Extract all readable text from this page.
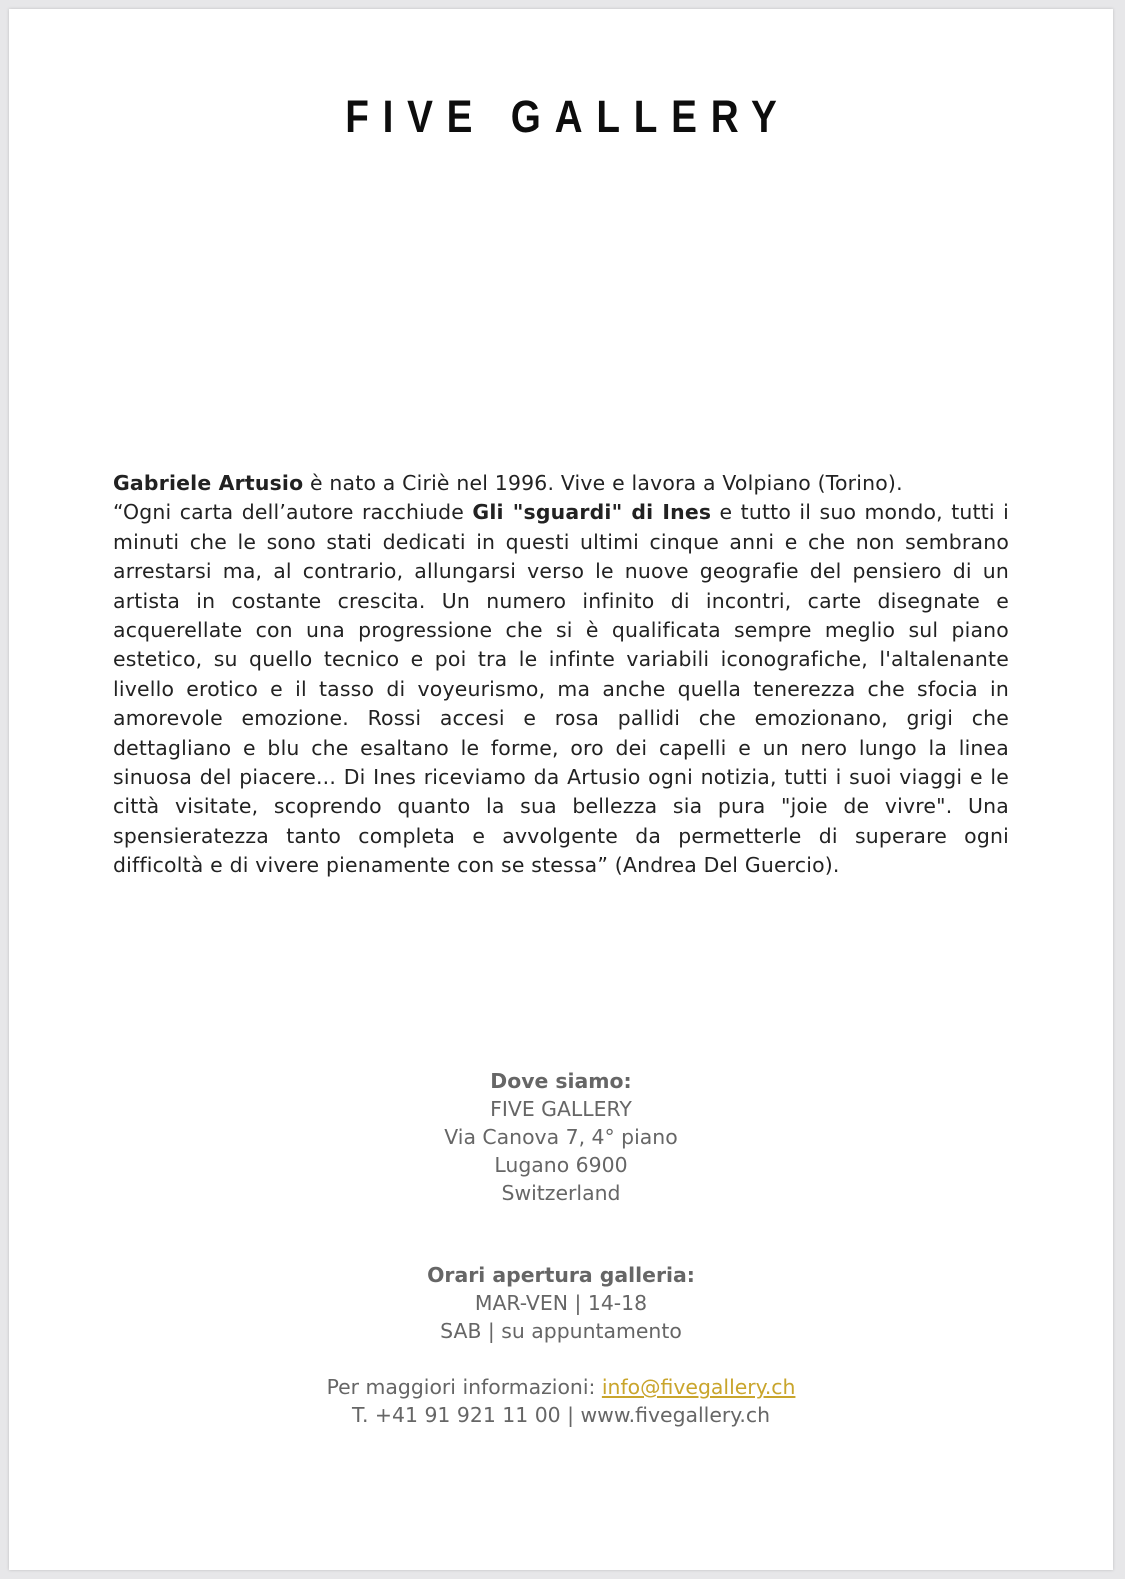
FIVE GALLERY

Gabriele Artusio è nato a Ciriè nel 1996. Vive e lavora a Volpiano (Torino).

“Ogni carta dell’autore racchiude Gli "sguardi" di Ines e tutto il suo mondo, tutti i minuti che le sono stati dedicati in questi ultimi cinque anni e che non sembrano arrestarsi ma, al contrario, allungarsi verso le nuove geografie del pensiero di un artista in costante crescita. Un numero infinito di incontri, carte disegnate e acquerellate con una progressione che si è qualificata sempre meglio sul piano estetico, su quello tecnico e poi tra le infinte variabili iconografiche, l'altalenante livello erotico e il tasso di voyeurismo, ma anche quella tenerezza che sfocia in amorevole emozione. Rossi accesi e rosa pallidi che emozionano, grigi che dettagliano e blu che esaltano le forme, oro dei capelli e un nero lungo la linea sinuosa del piacere... Di Ines riceviamo da Artusio ogni notizia, tutti i suoi viaggi e le città visitate, scoprendo quanto la sua bellezza sia pura "joie de vivre". Una spensieratezza tanto completa e avvolgente da permetterle di superare ogni difficoltà e di vivere pienamente con se stessa” (Andrea Del Guercio).

Dove siamo:
FIVE GALLERY
Via Canova 7, 4° piano
Lugano 6900
Switzerland
Orari apertura galleria:
MAR-VEN | 14-18
SAB | su appuntamento
Per maggiori informazioni: info@fivegallery.ch
T. +41 91 921 11 00 | www.fivegallery.ch
